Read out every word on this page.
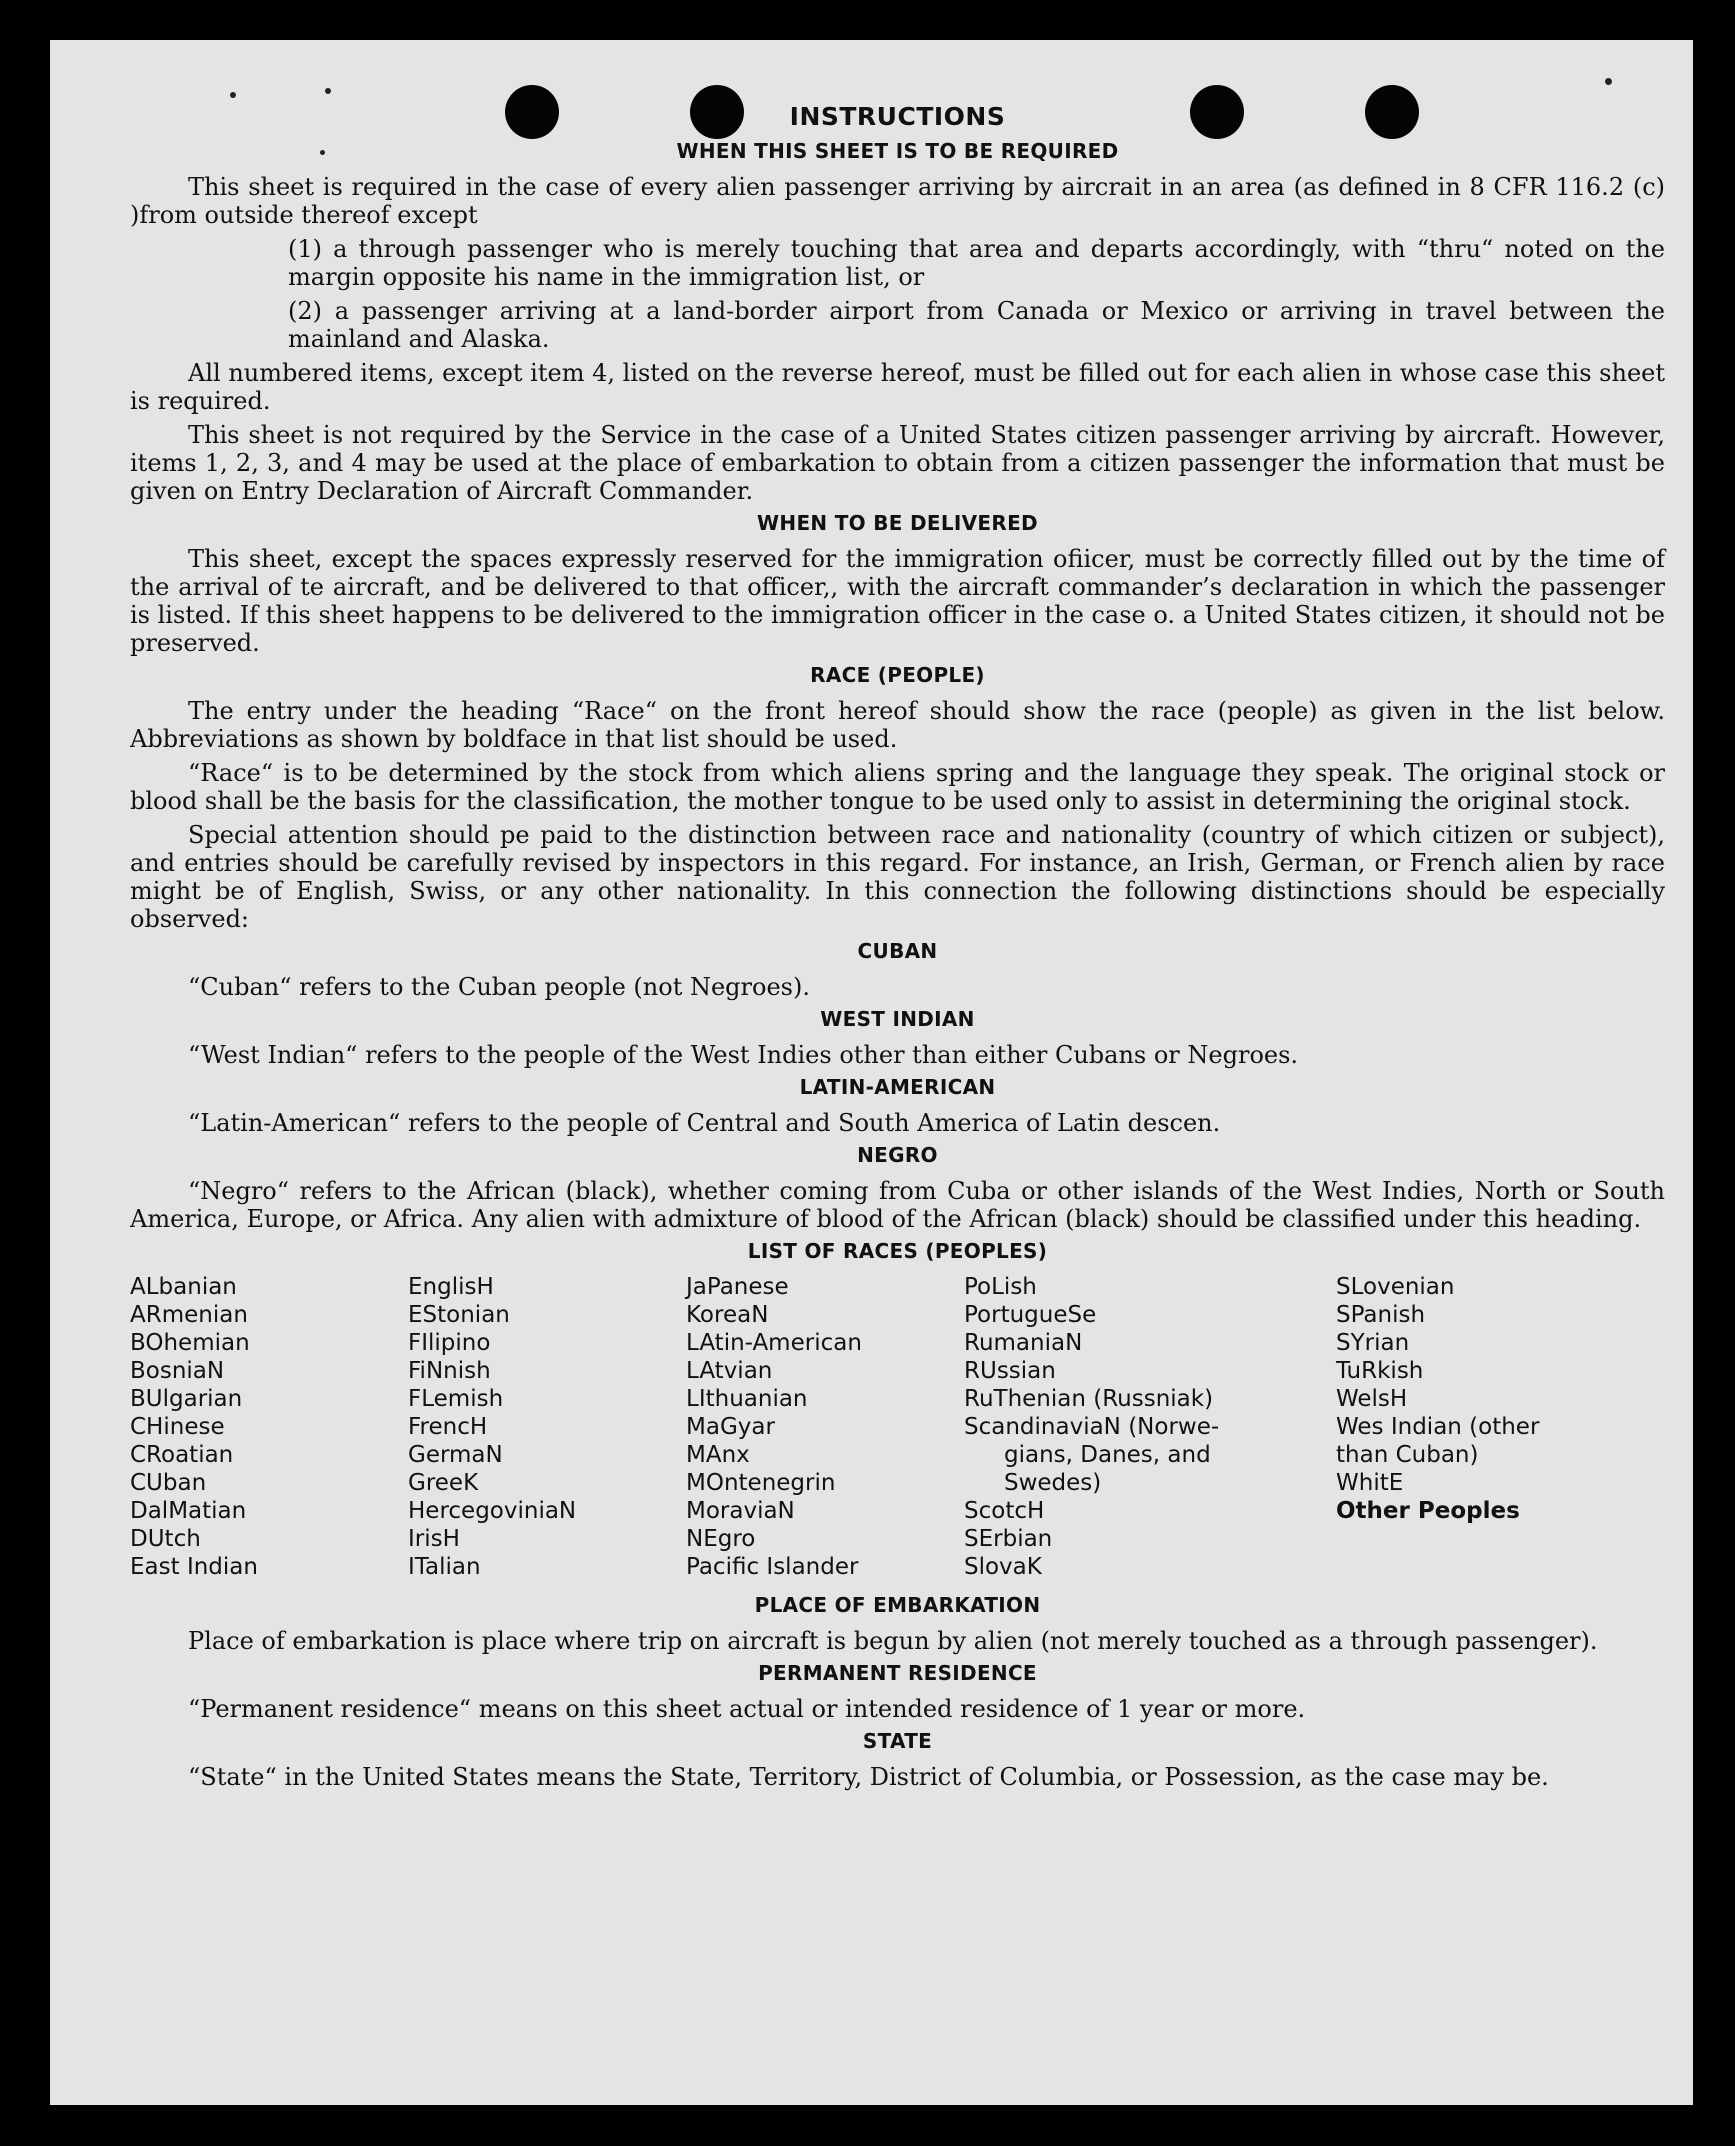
INSTRUCTIONS
WHEN THIS SHEET IS TO BE REQUIRED

This sheet is required in the case of every alien passenger arriving by aircrait in an area (as defined in 8 CFR 116.2 (c) )from outside thereof except

(1) a through passenger who is merely touching that area and departs accordingly, with “thru“ noted on the margin opposite his name in the immigration list, or
(2) a passenger arriving at a land-border airport from Canada or Mexico or arriving in travel between the mainland and Alaska.

All numbered items, except item 4, listed on the reverse hereof, must be filled out for each alien in whose case this sheet is required.

This sheet is not required by the Service in the case of a United States citizen passenger arriving by aircraft. However, items 1, 2, 3, and 4 may be used at the place of embarkation to obtain from a citizen passenger the information that must be given on Entry Declaration of Aircraft Commander.

WHEN TO BE DELIVERED

This sheet, except the spaces expressly reserved for the immigration ofiicer, must be correctly filled out by the time of the arrival of te aircraft, and be delivered to that officer,, with the aircraft commander’s declaration in which the passenger is listed. If this sheet happens to be delivered to the immigration officer in the case o. a United States citizen, it should not be preserved.

RACE (PEOPLE)

The entry under the heading “Race“ on the front hereof should show the race (people) as given in the list below. Abbreviations as shown by boldface in that list should be used.

“Race“ is to be determined by the stock from which aliens spring and the language they speak. The original stock or blood shall be the basis for the classification, the mother tongue to be used only to assist in determining the original stock.

Special attention should pe paid to the distinction between race and nationality (country of which citizen or subject), and entries should be carefully revised by inspectors in this regard. For instance, an Irish, German, or French alien by race might be of English, Swiss, or any other nationality. In this connection the following distinctions should be especially observed:

CUBAN

“Cuban“ refers to the Cuban people (not Negroes).

WEST INDIAN

“West Indian“ refers to the people of the West Indies other than either Cubans or Negroes.

LATIN-AMERICAN

“Latin-American“ refers to the people of Central and South America of Latin descen.

NEGRO

“Negro“ refers to the African (black), whether coming from Cuba or other islands of the West Indies, North or South America, Europe, or Africa. Any alien with admixture of blood of the African (black) should be classified under this heading.

LIST OF RACES (PEOPLES)
ALbanian
ARmenian
BOhemian
BosniaN
BUlgarian
CHinese
CRoatian
CUban
DalMatian
DUtch
East Indian
EnglisH
EStonian
FIlipino
FiNnish
FLemish
FrencH
GermaN
GreeK
HercegoviniaN
IrisH
ITalian
JaPanese
KoreaN
LAtin-American
LAtvian
LIthuanian
MaGyar
MAnx
MOntenegrin
MoraviaN
NEgro
Pacific Islander
PoLish
PortugueSe
RumaniaN
RUssian
RuThenian (Russniak)
ScandinaviaN (Norwe-
gians, Danes, and
Swedes)
ScotcH
SErbian
SlovaK
SLovenian
SPanish
SYrian
TuRkish
WelsH
Wes Indian (other
than Cuban)
WhitE
Other Peoples
PLACE OF EMBARKATION

Place of embarkation is place where trip on aircraft is begun by alien (not merely touched as a through passenger).

PERMANENT RESIDENCE

“Permanent residence“ means on this sheet actual or intended residence of 1 year or more.

STATE

“State“ in the United States means the State, Territory, District of Columbia, or Possession, as the case may be.
